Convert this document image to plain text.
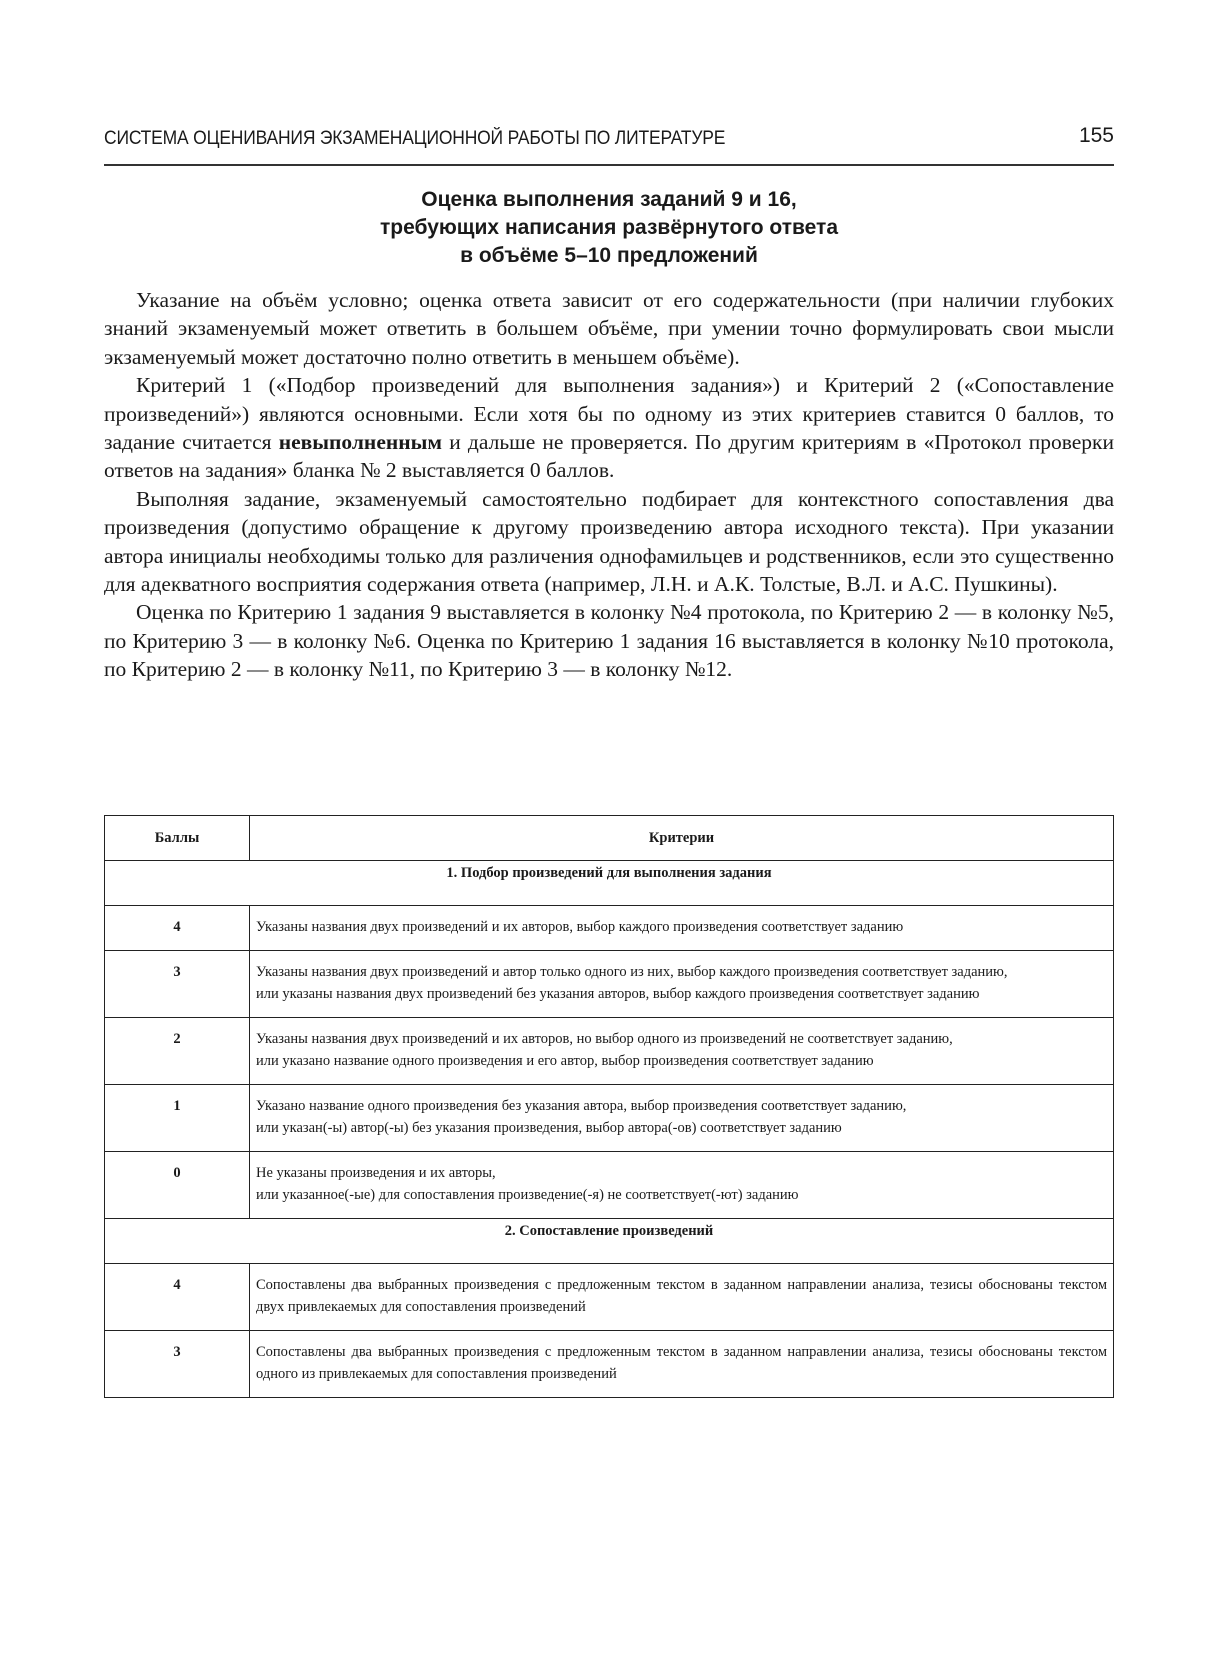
СИСТЕМА ОЦЕНИВАНИЯ ЭКЗАМЕНАЦИОННОЙ РАБОТЫ ПО ЛИТЕРАТУРЕ	155
Оценка выполнения заданий 9 и 16,
требующих написания развёрнутого ответа
в объёме 5–10 предложений

Указание на объём условно; оценка ответа зависит от его содержательности (при наличии глубоких знаний экзаменуемый может ответить в большем объёме, при умении точно формулировать свои мысли экзаменуемый может достаточно полно ответить в меньшем объёме).

Критерий 1 («Подбор произведений для выполнения задания») и Критерий 2 («Сопоставление произведений») являются основными. Если хотя бы по одному из этих критериев ставится 0 баллов, то задание считается невыполненным и дальше не проверяется. По другим критериям в «Протокол проверки ответов на задания» бланка № 2 выставляется 0 баллов.

Выполняя задание, экзаменуемый самостоятельно подбирает для контекстного сопоставления два произведения (допустимо обращение к другому произведению автора исходного текста). При указании автора инициалы необходимы только для различения однофамильцев и родственников, если это существенно для адекватного восприятия содержания ответа (например, Л.Н. и А.К. Толстые, В.Л. и А.С. Пушкины).

Оценка по Критерию 1 задания 9 выставляется в колонку №4 протокола, по Критерию 2 — в колонку №5, по Критерию 3 — в колонку №6. Оценка по Критерию 1 задания 16 выставляется в колонку №10 протокола, по Критерию 2 — в колонку №11, по Критерию 3 — в колонку №12.

Баллы	Критерии
1. Подбор произведений для выполнения задания	
4	Указаны названия двух произведений и их авторов, выбор каждого произведения соответствует заданию

3	Указаны названия двух произведений и автор только одного из них, выбор каждого произведения соответствует заданию,
или указаны названия двух произведений без указания авторов, выбор каждого произведения соответствует заданию

2	Указаны названия двух произведений и их авторов, но выбор одного из произведений не соответствует заданию,
или указано название одного произведения и его автор, выбор произведения соответствует заданию

1	Указано название одного произведения без указания автора, выбор произведения соответствует заданию,
или указан(-ы) автор(-ы) без указания произведения, выбор автора(-ов) соответствует заданию

0	Не указаны произведения и их авторы,
или указанное(-ые) для сопоставления произведение(-я) не соответствует(-ют) заданию

2. Сопоставление произведений	
4	Сопоставлены два выбранных произведения с предложенным текстом в заданном направлении анализа, тезисы обоснованы текстом двух привлекаемых для сопоставления произведений

3	Сопоставлены два выбранных произведения с предложенным текстом в заданном направлении анализа, тезисы обоснованы текстом одного из привлекаемых для сопоставления произведений
